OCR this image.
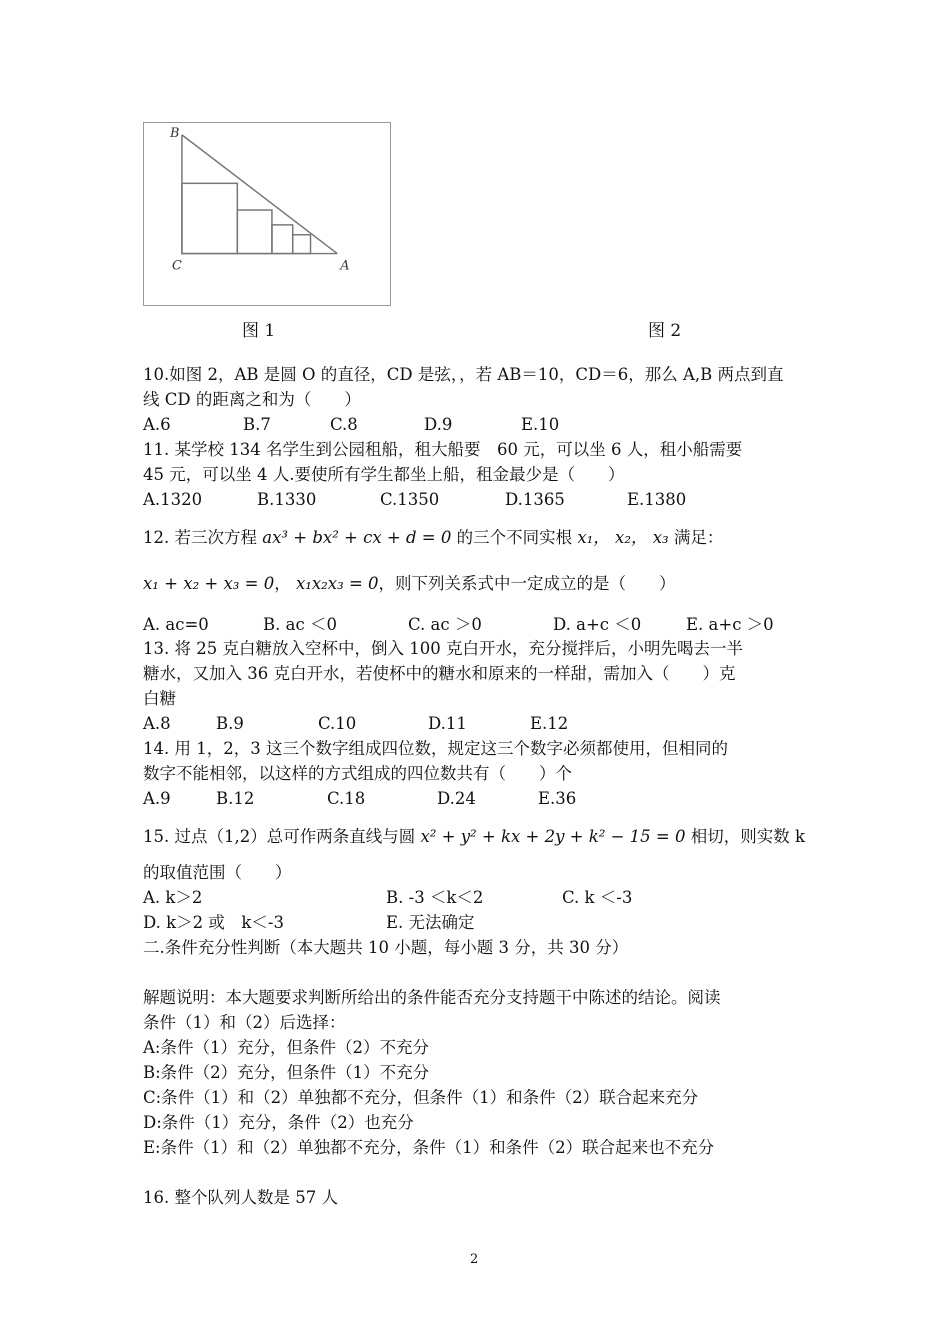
B
C	A
图 1	图 2
10.如图 2，AB 是圆 O 的直径，CD 是弦，，若 AB＝10，CD＝6，那么 A,B 两点到直
线 CD 的距离之和为（　　）
A.6	B.7	C.8	D.9	E.10
11. 某学校 134 名学生到公园租船，租大船要　60 元，可以坐 6 人，租小船需要
45 元，可以坐 4 人.要使所有学生都坐上船，租金最少是（　　）
A.1320	B.1330	C.1350	D.1365	E.1380
12. 若三次方程 ax³ + bx² + cx + d = 0 的三个不同实根 x₁， x₂， x₃ 满足：
x₁ + x₂ + x₃ = 0， x₁x₂x₃ = 0，则下列关系式中一定成立的是（　　）
A. ac=0	B. ac ＜0	C. ac ＞0	D. a+c ＜0	E. a+c ＞0
13. 将 25 克白糖放入空杯中，倒入 100 克白开水，充分搅拌后，小明先喝去一半
糖水，又加入 36 克白开水，若使杯中的糖水和原来的一样甜，需加入（　　）克
白糖
A.8	B.9	C.10	D.11	E.12
14. 用 1，2，3 这三个数字组成四位数，规定这三个数字必须都使用，但相同的
数字不能相邻，以这样的方式组成的四位数共有（　　）个
A.9	B.12	C.18	D.24	E.36
15. 过点（1,2）总可作两条直线与圆 x² + y² + kx + 2y + k² − 15 = 0 相切，则实数 k
的取值范围（　　）
A. k＞2	B. -3 ＜k＜2	C. k ＜-3
D. k＞2 或　k＜-3	E. 无法确定
二.条件充分性判断（本大题共 10 小题，每小题 3 分，共 30 分）
解题说明：本大题要求判断所给出的条件能否充分支持题干中陈述的结论。阅读
条件（1）和（2）后选择：
A:条件（1）充分，但条件（2）不充分
B:条件（2）充分，但条件（1）不充分
C:条件（1）和（2）单独都不充分，但条件（1）和条件（2）联合起来充分
D:条件（1）充分，条件（2）也充分
E:条件（1）和（2）单独都不充分，条件（1）和条件（2）联合起来也不充分
16. 整个队列人数是 57 人
2
